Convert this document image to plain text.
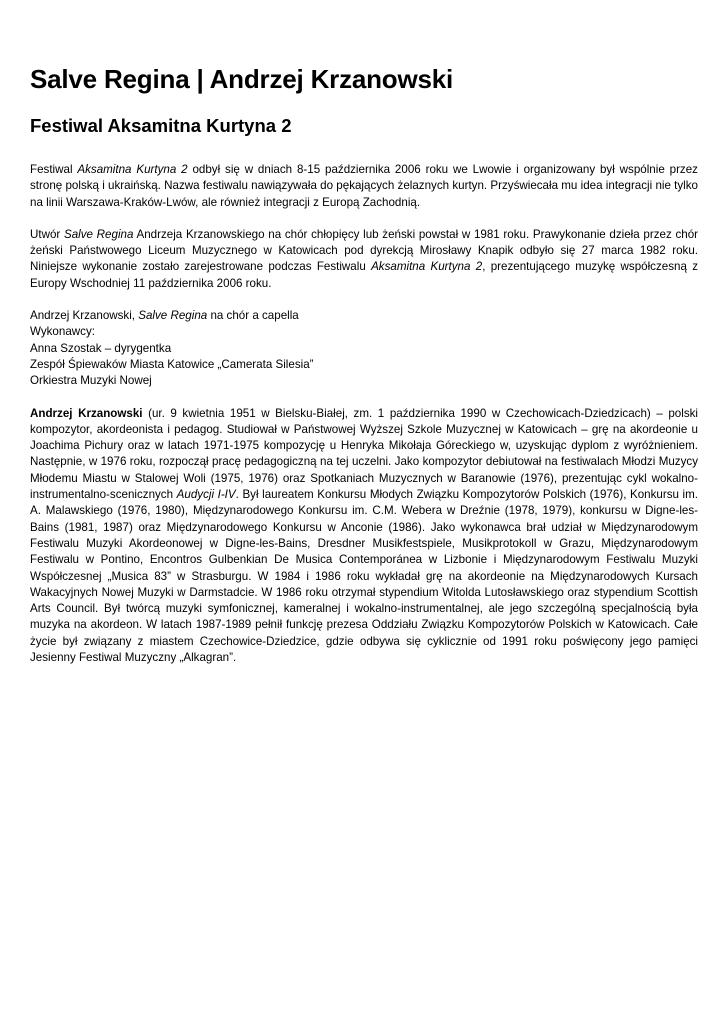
Salve Regina | Andrzej Krzanowski
Festiwal Aksamitna Kurtyna 2

Festiwal Aksamitna Kurtyna 2 odbył się w dniach 8-15 października 2006 roku we Lwowie i organizowany był wspólnie przez stronę polską i ukraińską. Nazwa festiwalu nawiązywała do pękających żelaznych kurtyn. Przyświecała mu idea integracji nie tylko na linii Warszawa-Kraków-Lwów, ale również integracji z Europą Zachodnią.

Utwór Salve Regina Andrzeja Krzanowskiego na chór chłopięcy lub żeński powstał w 1981 roku. Prawykonanie dzieła przez chór żeński Państwowego Liceum Muzycznego w Katowicach pod dyrekcją Mirosławy Knapik odbyło się 27 marca 1982 roku. Niniejsze wykonanie zostało zarejestrowane podczas Festiwalu Aksamitna Kurtyna 2, prezentującego muzykę współczesną z Europy Wschodniej 11 października 2006 roku.

Andrzej Krzanowski, Salve Regina na chór a capella
Wykonawcy:
Anna Szostak – dyrygentka
Zespół Śpiewaków Miasta Katowice „Camerata Silesia”
Orkiestra Muzyki Nowej

Andrzej Krzanowski (ur. 9 kwietnia 1951 w Bielsku-Białej, zm. 1 października 1990 w Czechowicach-Dziedzicach) – polski kompozytor, akordeonista i pedagog. Studiował w Państwowej Wyższej Szkole Muzycznej w Katowicach – grę na akordeonie u Joachima Pichury oraz w latach 1971-1975 kompozycję u Henryka Mikołaja Góreckiego w, uzyskując dyplom z wyróżnieniem. Następnie, w 1976 roku, rozpoczął pracę pedagogiczną na tej uczelni. Jako kompozytor debiutował na festiwalach Młodzi Muzycy Młodemu Miastu w Stalowej Woli (1975, 1976) oraz Spotkaniach Muzycznych w Baranowie (1976), prezentując cykl wokalno-instrumentalno-scenicznych Audycji I-IV. Był laureatem Konkursu Młodych Związku Kompozytorów Polskich (1976), Konkursu im. A. Malawskiego (1976, 1980), Międzynarodowego Konkursu im. C.M. Webera w Dreźnie (1978, 1979), konkursu w Digne-les-Bains (1981, 1987) oraz Międzynarodowego Konkursu w Anconie (1986). Jako wykonawca brał udział w Międzynarodowym Festiwalu Muzyki Akordeonowej w Digne-les-Bains, Dresdner Musikfestspiele, Musikprotokoll w Grazu, Międzynarodowym Festiwalu w Pontino, Encontros Gulbenkian De Musica Contemporánea w Lizbonie i Międzynarodowym Festiwalu Muzyki Współczesnej „Musica 83” w Strasburgu. W 1984 i 1986 roku wykładał grę na akordeonie na Międzynarodowych Kursach Wakacyjnych Nowej Muzyki w Darmstadcie. W 1986 roku otrzymał stypendium Witolda Lutosławskiego oraz stypendium Scottish Arts Council. Był twórcą muzyki symfonicznej, kameralnej i wokalno-instrumentalnej, ale jego szczególną specjalnością była muzyka na akordeon. W latach 1987-1989 pełnił funkcję prezesa Oddziału Związku Kompozytorów Polskich w Katowicach. Całe życie był związany z miastem Czechowice-Dziedzice, gdzie odbywa się cyklicznie od 1991 roku poświęcony jego pamięci Jesienny Festiwal Muzyczny „Alkagran”.
